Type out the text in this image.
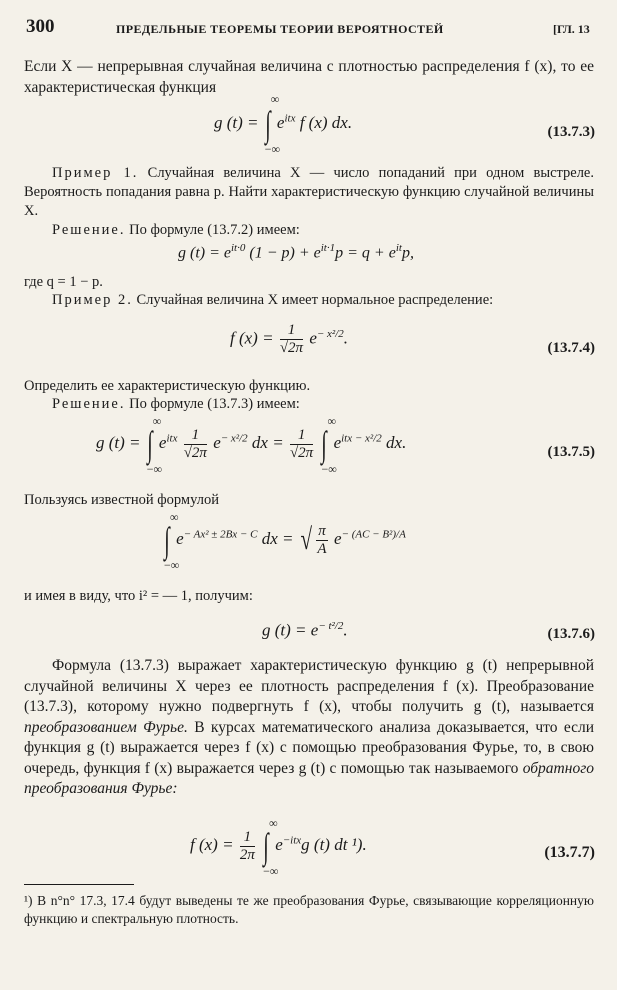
300	ПРЕДЕЛЬНЫЕ ТЕОРЕМЫ ТЕОРИИ ВЕРОЯТНОСТЕЙ	[ГЛ. 13
Если X — непрерывная случайная величина с плотностью распределения f (x), то ее характеристическая функция
g (t) = ∫
∞
−∞
$e^{itx}$ f (x) dx.
(13.7.3)
Пример 1. Случайная величина X — число попаданий при одном выстреле. Вероятность попадания равна p. Найти характеристическую функцию случайной величины X.
Решение. По формуле (13.7.2) имеем:
g $(t) = e^{it\cdot 0}$ $(1 - p) + e^{it\cdot 1}p = q + e^{it}p$,
где q = 1 − p.
Пример 2. Случайная величина X имеет нормальное распределение:
f $(x) = \frac{1}{√2\pi} e^{- x^2/2}$.
(13.7.4)
Определить ее характеристическую функцию.
Решение. По формуле (13.7.3) имеем:
g (t) = ∫
∞
−∞
$e^{itx} \frac{1}{√2\pi} e^{- x^2/2}$ dx = $\frac{1}{√2\pi}$ ∫
∞
−∞
$e^{itx - x^2/2}$ dx.
(13.7.5)
Пользуясь известной формулой
∫
∞
−∞
$e^{- Ax^2 \pm 2Bx - C}$ dx = √ $\frac{\pi}{A} e^{- (AC - B^2)/A}$
и имея в виду, что i² = — 1, получим:
g $(t) = e^{- t^2/2}$.	(13.7.6)
Формула (13.7.3) выражает характеристическую функцию g (t) непрерывной случайной величины X через ее плотность распределения f (x). Преобразование (13.7.3), которому нужно подвергнуть f (x), чтобы получить g (t), называется преобразованием Фурье. В курсах математического анализа доказывается, что если функция g (t) выражается через f (x) с помощью преобразования Фурье, то, в свою очередь, функция f (x) выражается через g (t) с помощью так называемого обратного преобразования Фурье:
f $(x) = \frac{1}{2\pi}$ ∫
∞
−∞
$e^{-itx}g$ (t) dt ¹).	(13.7.7)
¹) В n°n° 17.3, 17.4 будут выведены те же преобразования Фурье, связывающие корреляционную функцию и спектральную плотность.
